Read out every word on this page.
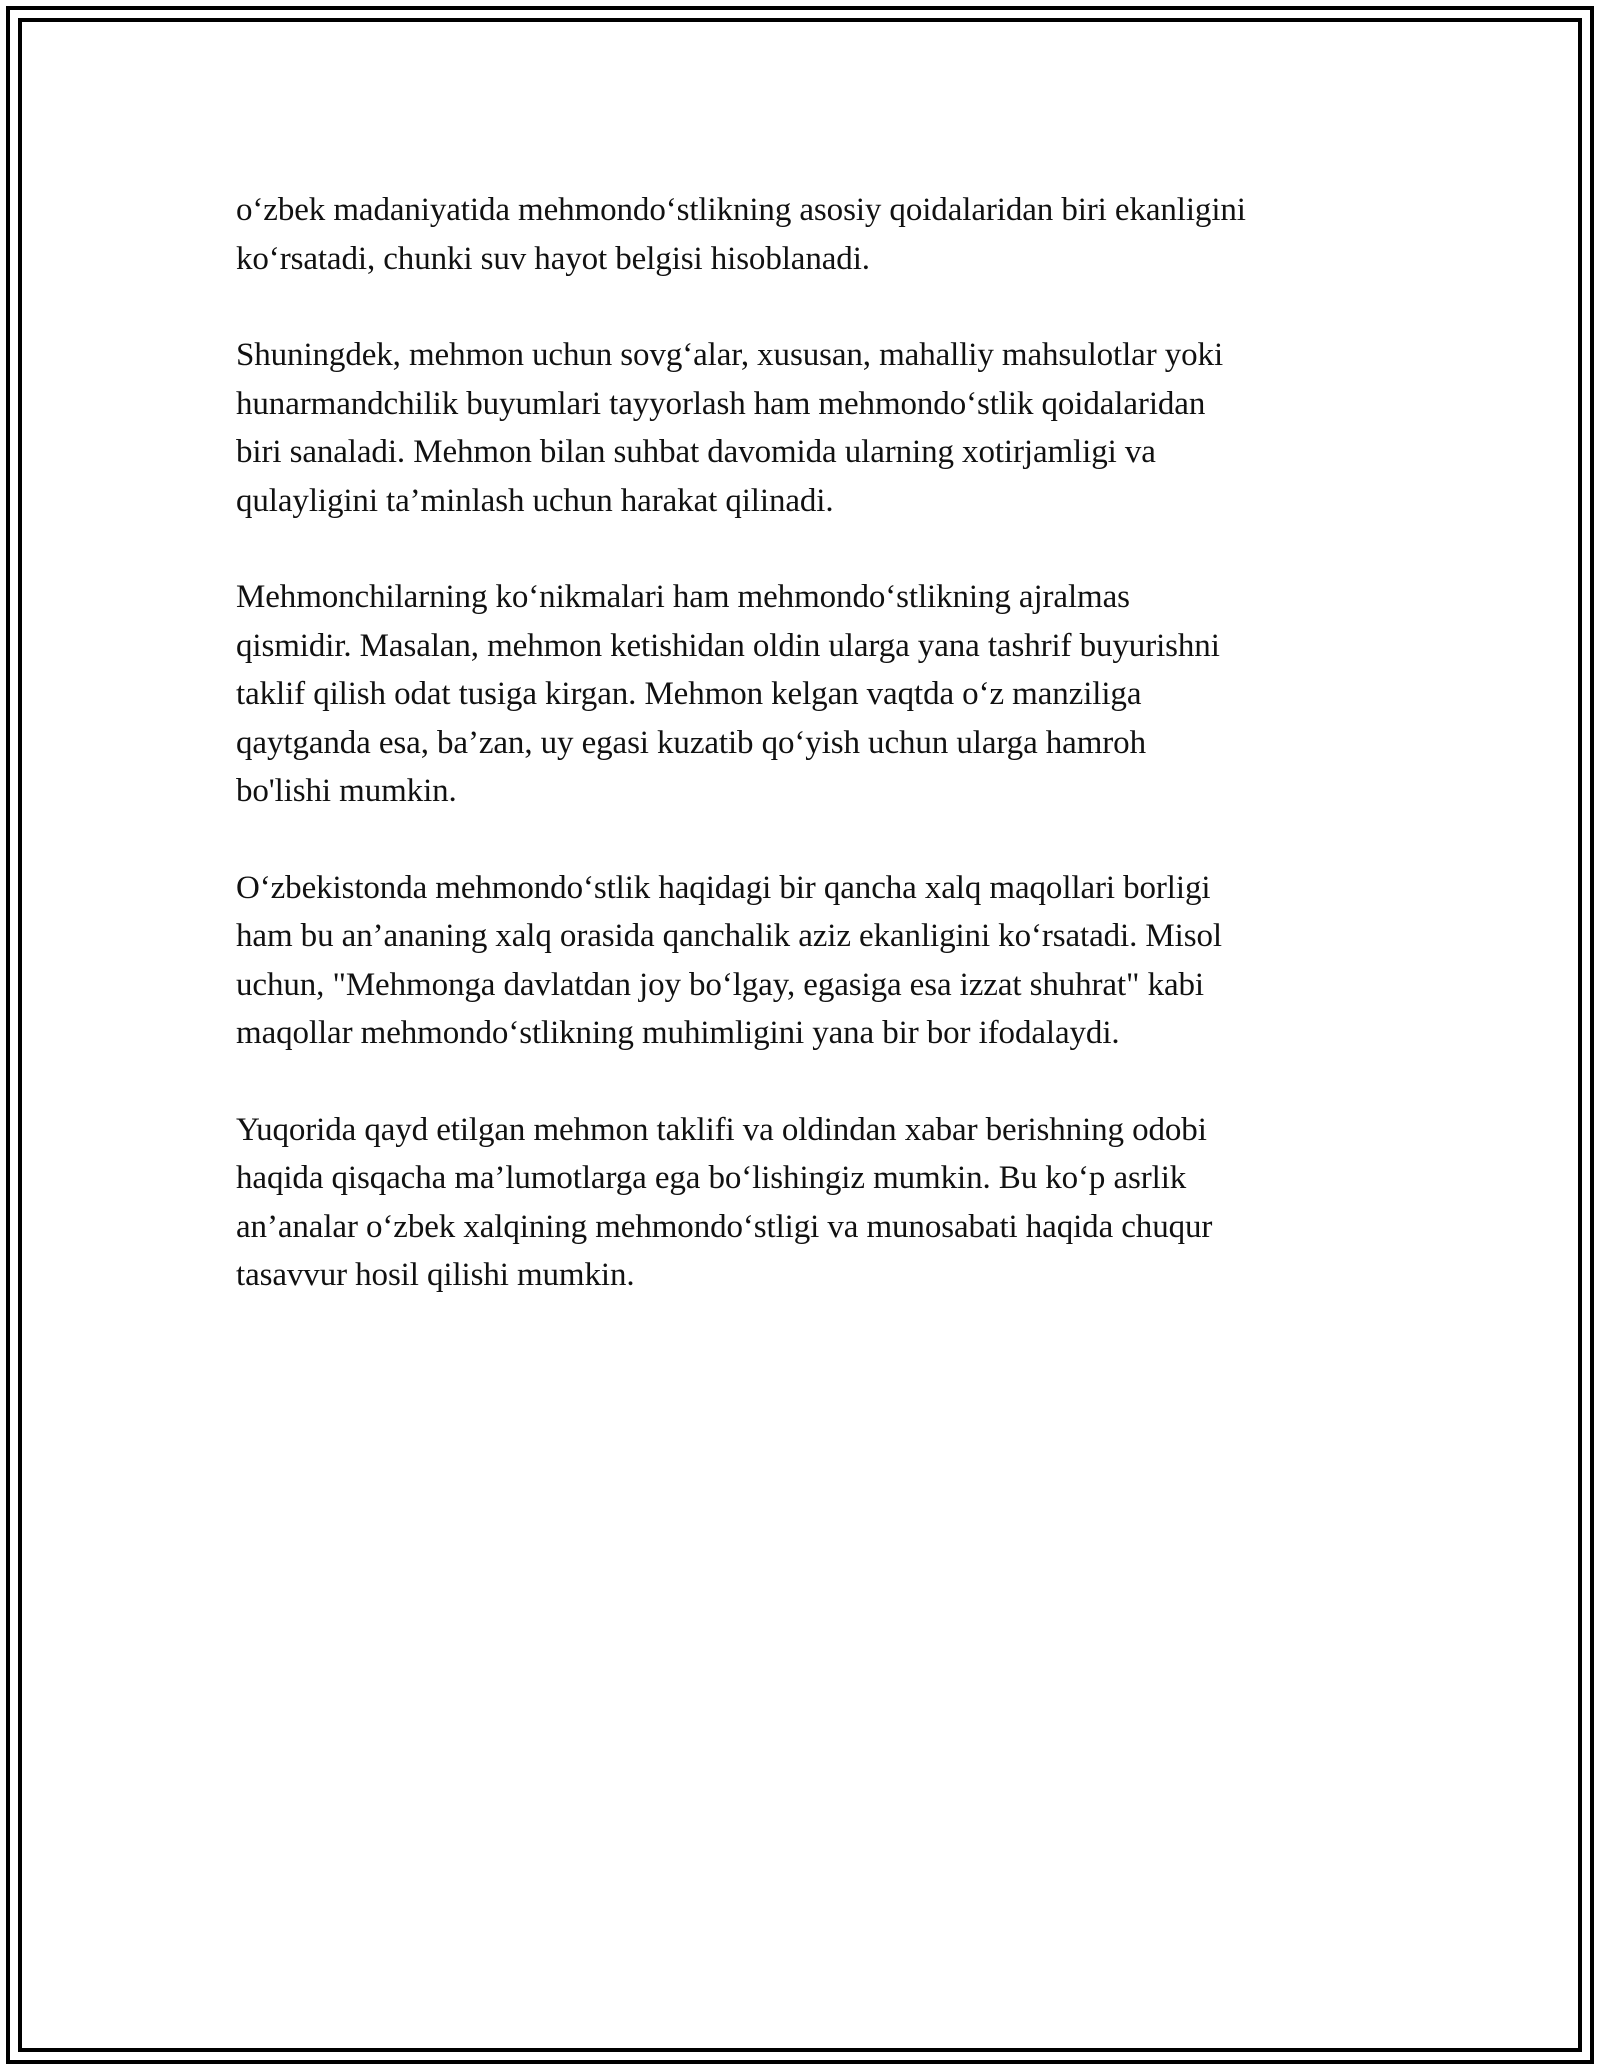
o‘zbek madaniyatida mehmondo‘stlikning asosiy qoidalaridan biri ekanligini
ko‘rsatadi, chunki suv hayot belgisi hisoblanadi.

Shuningdek, mehmon uchun sovg‘alar, xususan, mahalliy mahsulotlar yoki
hunarmandchilik buyumlari tayyorlash ham mehmondo‘stlik qoidalaridan
biri sanaladi. Mehmon bilan suhbat davomida ularning xotirjamligi va
qulayligini ta’minlash uchun harakat qilinadi.

Mehmonchilarning ko‘nikmalari ham mehmondo‘stlikning ajralmas
qismidir. Masalan, mehmon ketishidan oldin ularga yana tashrif buyurishni
taklif qilish odat tusiga kirgan. Mehmon kelgan vaqtda o‘z manziliga
qaytganda esa, ba’zan, uy egasi kuzatib qo‘yish uchun ularga hamroh
bo'lishi mumkin.

O‘zbekistonda mehmondo‘stlik haqidagi bir qancha xalq maqollari borligi
ham bu an’ananing xalq orasida qanchalik aziz ekanligini ko‘rsatadi. Misol
uchun, "Mehmonga davlatdan joy bo‘lgay, egasiga esa izzat shuhrat" kabi
maqollar mehmondo‘stlikning muhimligini yana bir bor ifodalaydi.

Yuqorida qayd etilgan mehmon taklifi va oldindan xabar berishning odobi
haqida qisqacha ma’lumotlarga ega bo‘lishingiz mumkin. Bu ko‘p asrlik
an’analar o‘zbek xalqining mehmondo‘stligi va munosabati haqida chuqur
tasavvur hosil qilishi mumkin.
